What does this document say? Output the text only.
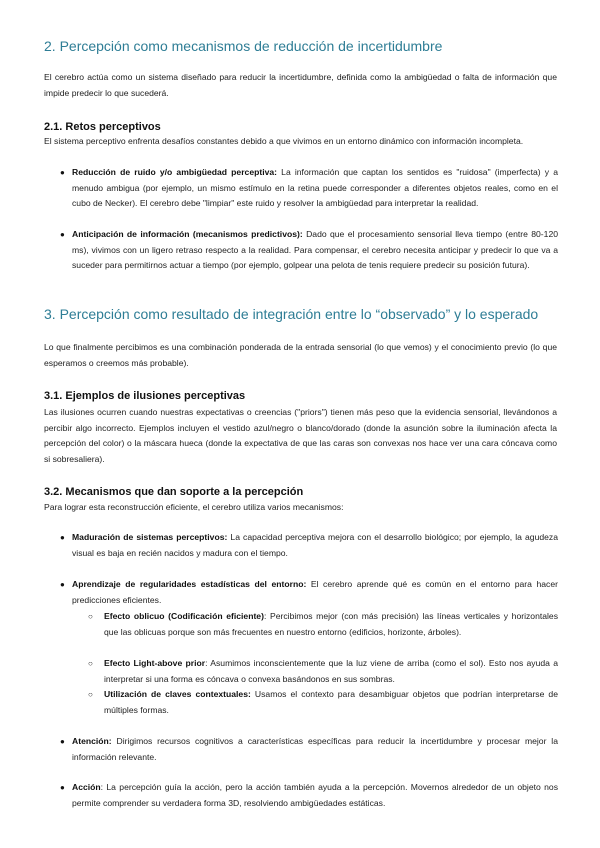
2. Percepción como mecanismos de reducción de incertidumbre

El cerebro actúa como un sistema diseñado para reducir la incertidumbre, definida como la ambigüedad o falta de información que impide predecir lo que sucederá.

2.1. Retos perceptivos

El sistema perceptivo enfrenta desafíos constantes debido a que vivimos en un entorno dinámico con información incompleta.

● Reducción de ruido y/o ambigüedad perceptiva: La información que captan los sentidos es "ruidosa" (imperfecta) y a menudo ambigua (por ejemplo, un mismo estímulo en la retina puede corresponder a diferentes objetos reales, como en el cubo de Necker). El cerebro debe "limpiar" este ruido y resolver la ambigüedad para interpretar la realidad.
● Anticipación de información (mecanismos predictivos): Dado que el procesamiento sensorial lleva tiempo (entre 80-120 ms), vivimos con un ligero retraso respecto a la realidad. Para compensar, el cerebro necesita anticipar y predecir lo que va a suceder para permitirnos actuar a tiempo (por ejemplo, golpear una pelota de tenis requiere predecir su posición futura).
3. Percepción como resultado de integración entre lo “observado” y lo esperado

Lo que finalmente percibimos es una combinación ponderada de la entrada sensorial (lo que vemos) y el conocimiento previo (lo que esperamos o creemos más probable).

3.1. Ejemplos de ilusiones perceptivas

Las ilusiones ocurren cuando nuestras expectativas o creencias ("priors") tienen más peso que la evidencia sensorial, llevándonos a percibir algo incorrecto. Ejemplos incluyen el vestido azul/negro o blanco/dorado (donde la asunción sobre la iluminación afecta la percepción del color) o la máscara hueca (donde la expectativa de que las caras son convexas nos hace ver una cara cóncava como si sobresaliera).

3.2. Mecanismos que dan soporte a la percepción

Para lograr esta reconstrucción eficiente, el cerebro utiliza varios mecanismos:

● Maduración de sistemas perceptivos: La capacidad perceptiva mejora con el desarrollo biológico; por ejemplo, la agudeza visual es baja en recién nacidos y madura con el tiempo.
● Aprendizaje de regularidades estadísticas del entorno: El cerebro aprende qué es común en el entorno para hacer predicciones eficientes.
○ Efecto oblicuo (Codificación eficiente): Percibimos mejor (con más precisión) las líneas verticales y horizontales que las oblicuas porque son más frecuentes en nuestro entorno (edificios, horizonte, árboles).
○ Efecto Light-above prior: Asumimos inconscientemente que la luz viene de arriba (como el sol). Esto nos ayuda a interpretar si una forma es cóncava o convexa basándonos en sus sombras.
○ Utilización de claves contextuales: Usamos el contexto para desambiguar objetos que podrían interpretarse de múltiples formas.
● Atención: Dirigimos recursos cognitivos a características específicas para reducir la incertidumbre y procesar mejor la información relevante.
● Acción: La percepción guía la acción, pero la acción también ayuda a la percepción. Movernos alrededor de un objeto nos permite comprender su verdadera forma 3D, resolviendo ambigüedades estáticas.
